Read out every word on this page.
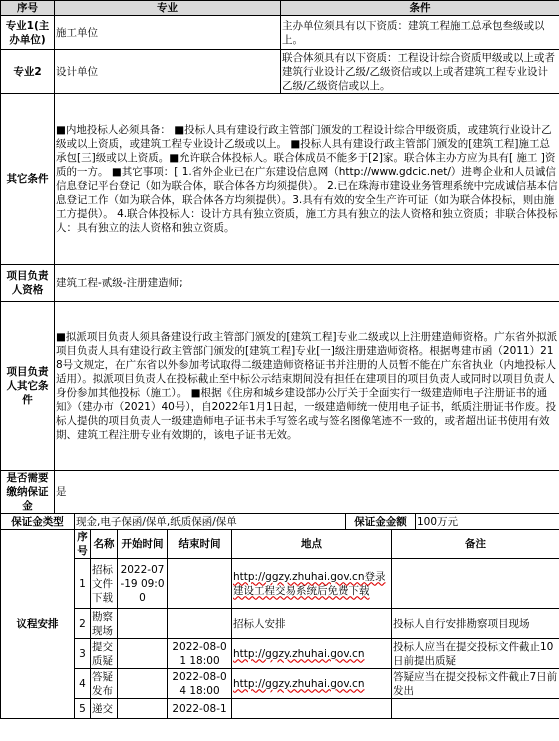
序号	专业	条件
专业1(主办单位)	施工单位	主办单位须具有以下资质：建筑工程施工总承包叁级或以上。
专业2	设计单位	联合体须具有以下资质：工程设计综合资质甲级或以上或者建筑行业设计乙级/乙级资信或以上或者建筑工程专业设计乙级/乙级资信或以上。
其它条件	■内地投标人必须具备： ■投标人具有建设行政主管部门颁发的工程设计综合甲级资质，或建筑行业设计乙级或以上资质，或建筑工程专业设计乙级或以上。 ■投标人具有建设行政主管部门颁发的[建筑工程]施工总承包[三]级或以上资质。■允许联合体投标人。联合体成员不能多于[2]家。联合体主办方应为具有[ 施工 ]资质的一方。 ■其它事项：[ 1.省外企业已在广东建设信息网（http://www.gdcic.net/）进粤企业和人员诚信信息登记平台登记（如为联合体，联合体各方均须提供）。 2.已在珠海市建设业务管理系统中完成诚信基本信息登记工作（如为联合体，联合体各方均须提供）。3.具有有效的安全生产许可证（如为联合体投标，则由施工方提供）。 4.联合体投标人：设计方具有独立资质，施工方具有独立的法人资格和独立资质；非联合体投标人：具有独立的法人资格和独立资质。	
项目负责人资格	建筑工程-贰级-注册建造师;	
项目负责人其它条件	■拟派项目负责人须具备建设行政主管部门颁发的[建筑工程]专业二级或以上注册建造师资格。广东省外拟派项目负责人具有建设行政主管部门颁发的[建筑工程]专业[一]级注册建造师资格。根据粤建市函（2011）218号文规定，在广东省以外参加考试取得二级建造师资格证书并注册的人员暂不能在广东省执业（内地投标人适用）。拟派项目负责人在投标截止至中标公示结束期间没有担任在建项目的项目负责人或同时以项目负责人身份参加其他投标（施工）。 ■根据《住房和城乡建设部办公厅关于全面实行一级建造师电子注册证书的通知》（建办市（2021）40号），自2022年1月1日起，一级建造师统一使用电子证书，纸质注册证书作废。投标人提供的项目负责人一级建造师电子证书未手写签名或与签名图像笔迹不一致的，或者超出证书使用有效期、建筑工程注册专业有效期的，该电子证书无效。	
是否需要缴纳保证金	是	
保证金类型	现金,电子保函/保单,纸质保函/保单	保证金金额	100万元
议程安排	序号	名称	开始时间	结束时间	地点	备注
	1	招标文件下载	2022-07-19 09:00		http://ggzy.zhuhai.gov.cn登录建设工程交易系统后免费下载	
	2	勘察现场			招标人安排	投标人自行安排勘察项目现场
	3	提交质疑		2022-08-01 18:00	http://ggzy.zhuhai.gov.cn	投标人应当在提交投标文件截止10日前提出质疑
	4	答疑发布		2022-08-04 18:00	http://ggzy.zhuhai.gov.cn	答疑应当在提交投标文件截止7日前发出
	5	递交		2022-08-1		
